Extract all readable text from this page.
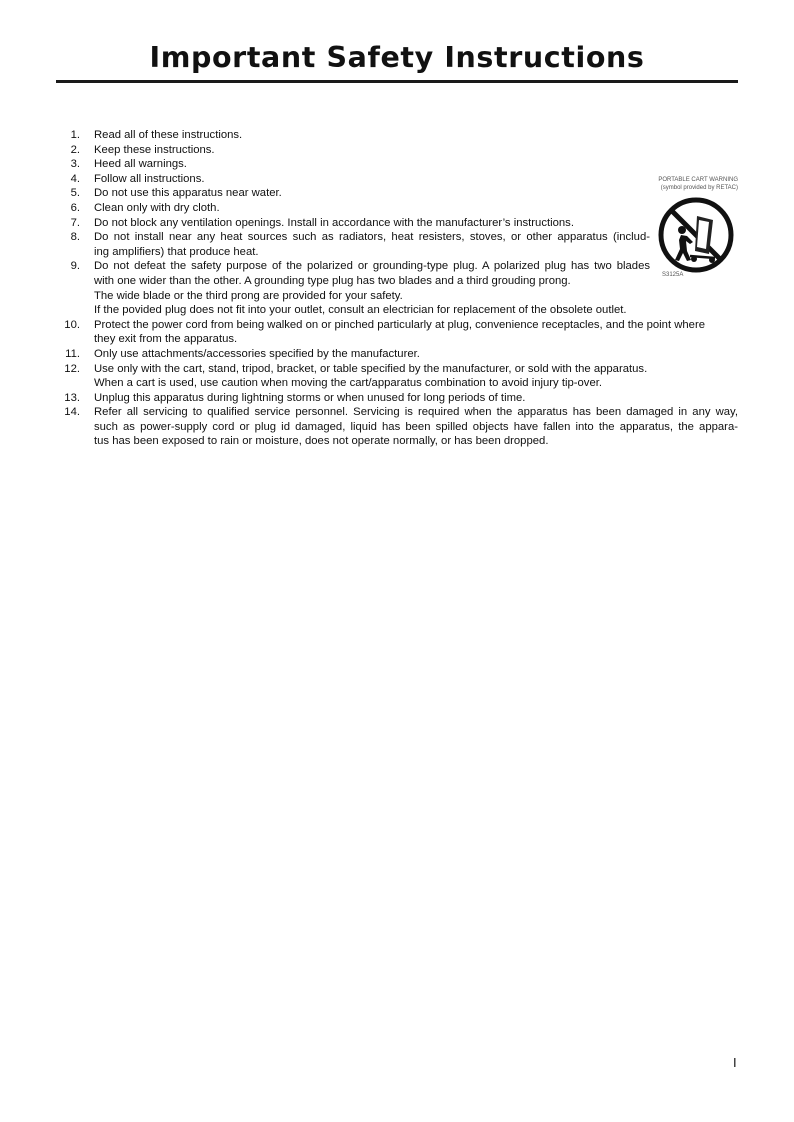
Important Safety Instructions
1. Read all of these instructions.
2. Keep these instructions.
3. Heed all warnings.
4. Follow all instructions.
5. Do not use this apparatus near water.
6. Clean only with dry cloth.
7. Do not block any ventilation openings. Install in accordance with the manufacturer’s instructions.
8. Do not install near any heat sources such as radiators, heat resisters, stoves, or other apparatus (includ-
ing amplifiers) that produce heat.
9. Do not defeat the safety purpose of the polarized or grounding-type plug. A polarized plug has two blades
with one wider than the other. A grounding type plug has two blades and a third grouding prong.
The wide blade or the third prong are provided for your safety.
If the povided plug does not fit into your outlet, consult an electrician for replacement of the obsolete outlet.
10. Protect the power cord from being walked on or pinched particularly at plug, convenience receptacles, and the point where
they exit from the apparatus.
11. Only use attachments/accessories specified by the manufacturer.
12. Use only with the cart, stand, tripod, bracket, or table specified by the manufacturer, or sold with the apparatus.
When a cart is used, use caution when moving the cart/apparatus combination to avoid injury tip-over.
13. Unplug this apparatus during lightning storms or when unused for long periods of time.
14. Refer all servicing to qualified service personnel. Servicing is required when the apparatus has been damaged in any way,
such as power-supply cord or plug id damaged, liquid has been spilled objects have fallen into the apparatus, the appara-
tus has been exposed to rain or moisture, does not operate normally, or has been dropped.
PORTABLE CART WARNING
(symbol provided by RETAC)
S3125A
I
